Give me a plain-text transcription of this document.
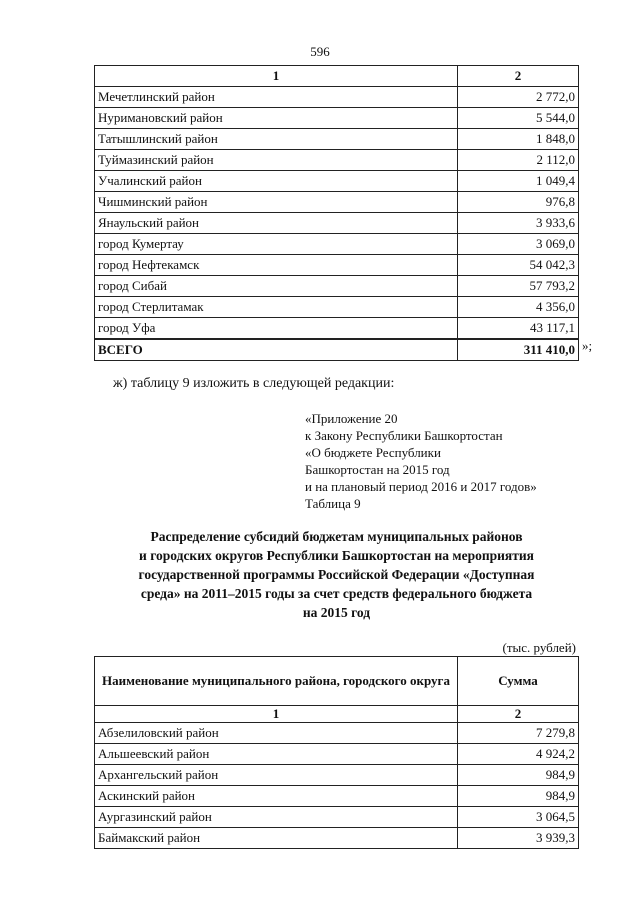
596
1	2
Мечетлинский район	2 772,0
Нуримановский район	5 544,0
Татышлинский район	1 848,0
Туймазинский район	2 112,0
Учалинский район	1 049,4
Чишминский район	976,8
Янаульский район	3 933,6
город Кумертау	3 069,0
город Нефтекамск	54 042,3
город Сибай	57 793,2
город Стерлитамак	4 356,0
город Уфа	43 117,1
ВСЕГО	311 410,0 »;
ж) таблицу 9 изложить в следующей редакции:
«Приложение 20
к Закону Республики Башкортостан
«О бюджете Республики
Башкортостан на 2015 год
и на плановый период 2016 и 2017 годов»
Таблица 9
Распределение субсидий бюджетам муниципальных районов
и городских округов Республики Башкортостан на мероприятия
государственной программы Российской Федерации «Доступная
среда» на 2011–2015 годы за счет средств федерального бюджета
на 2015 год
(тыс. рублей)
Наименование муниципального района, городского округа	Сумма
1	2
Абзелиловский район	7 279,8
Альшеевский район	4 924,2
Архангельский район	984,9
Аскинский район	984,9
Аургазинский район	3 064,5
Баймакский район	3 939,3
